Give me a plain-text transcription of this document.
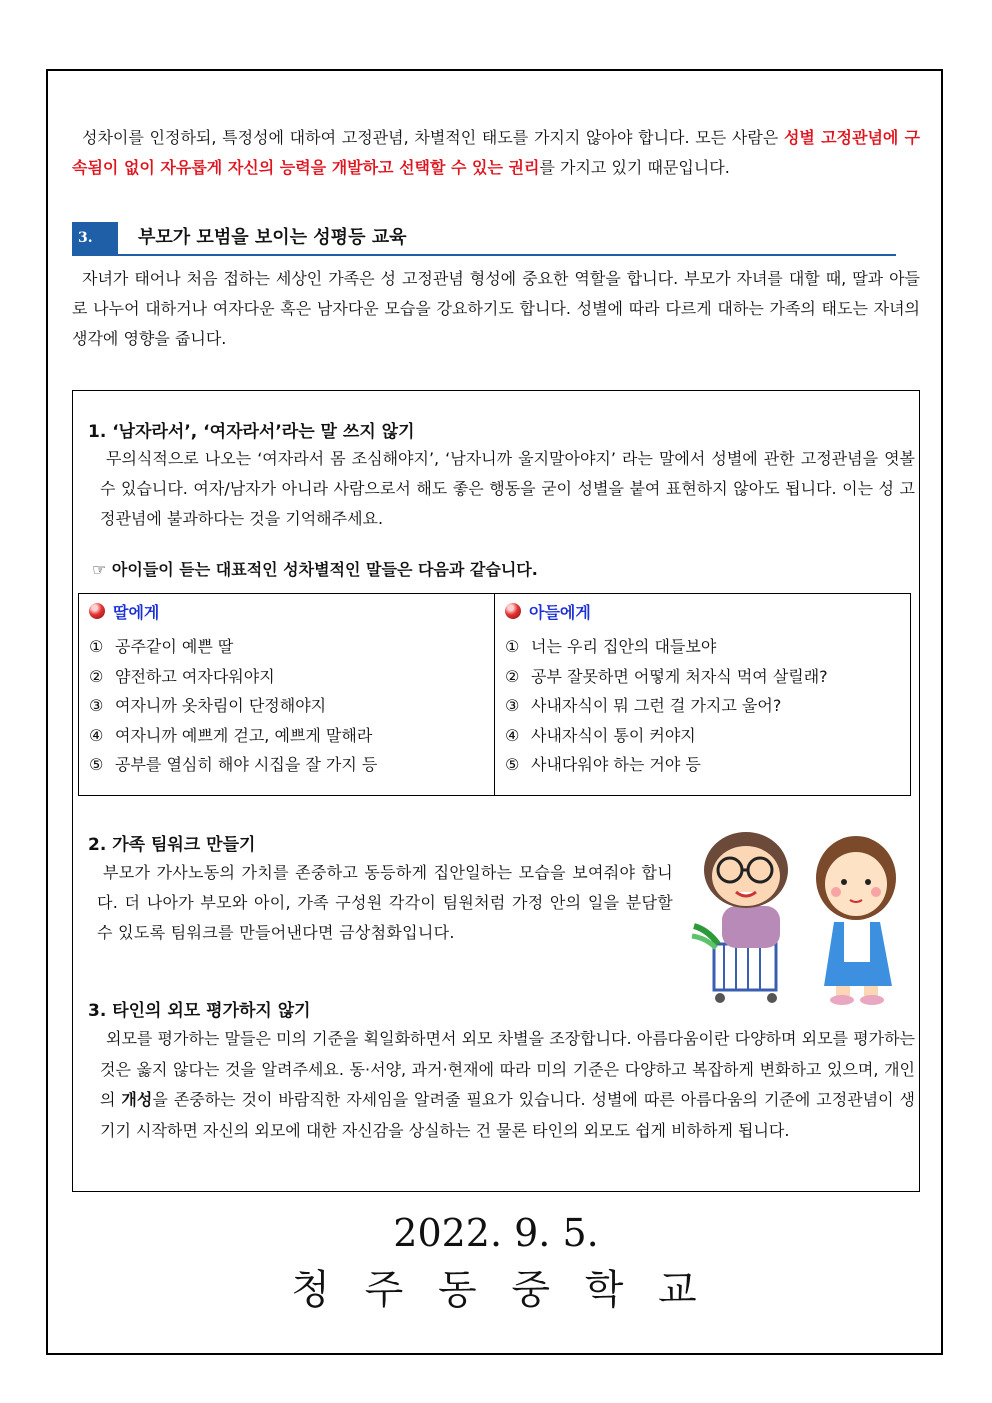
성차이를 인정하되, 특정성에 대하여 고정관념, 차별적인 태도를 가지지 않아야 합니다. 모든 사람은 성별 고정관념에 구속됨이 없이 자유롭게 자신의 능력을 개발하고 선택할 수 있는 권리를 가지고 있기 때문입니다.

3.	부모가 모범을 보이는 성평등 교육

자녀가 태어나 처음 접하는 세상인 가족은 성 고정관념 형성에 중요한 역할을 합니다. 부모가 자녀를 대할 때, 딸과 아들로 나누어 대하거나 여자다운 혹은 남자다운 모습을 강요하기도 합니다. 성별에 따라 다르게 대하는 가족의 태도는 자녀의 생각에 영향을 줍니다.

1. ‘남자라서’, ‘여자라서’라는 말 쓰지 않기

무의식적으로 나오는 ‘여자라서 몸 조심해야지’, ‘남자니까 울지말아야지’ 라는 말에서 성별에 관한 고정관념을 엿볼 수 있습니다. 여자/남자가 아니라 사람으로서 해도 좋은 행동을 굳이 성별을 붙여 표현하지 않아도 됩니다. 이는 성 고정관념에 불과하다는 것을 기억해주세요.

☞ 아이들이 듣는 대표적인 성차별적인 말들은 다음과 같습니다.

딸에게
① 공주같이 예쁜 딸
② 얌전하고 여자다워야지
③ 여자니까 옷차림이 단정해야지
④ 여자니까 예쁘게 걷고, 예쁘게 말해라
⑤ 공부를 열심히 해야 시집을 잘 가지 등
아들에게
① 너는 우리 집안의 대들보야
② 공부 잘못하면 어떻게 처자식 먹여 살릴래?
③ 사내자식이 뭐 그런 걸 가지고 울어?
④ 사내자식이 통이 커야지
⑤ 사내다워야 하는 거야 등

2. 가족 팀워크 만들기

부모가 가사노동의 가치를 존중하고 동등하게 집안일하는 모습을 보여줘야 합니다. 더 나아가 부모와 아이, 가족 구성원 각각이 팀원처럼 가정 안의 일을 분담할 수 있도록 팀워크를 만들어낸다면 금상첨화입니다.

3. 타인의 외모 평가하지 않기

외모를 평가하는 말들은 미의 기준을 획일화하면서 외모 차별을 조장합니다. 아름다움이란 다양하며 외모를 평가하는 것은 옳지 않다는 것을 알려주세요. 동·서양, 과거·현재에 따라 미의 기준은 다양하고 복잡하게 변화하고 있으며, 개인의 개성을 존중하는 것이 바람직한 자세임을 알려줄 필요가 있습니다. 성별에 따른 아름다움의 기준에 고정관념이 생기기 시작하면 자신의 외모에 대한 자신감을 상실하는 건 물론 타인의 외모도 쉽게 비하하게 됩니다.

2022. 9. 5.

청 주 동 중 학 교
